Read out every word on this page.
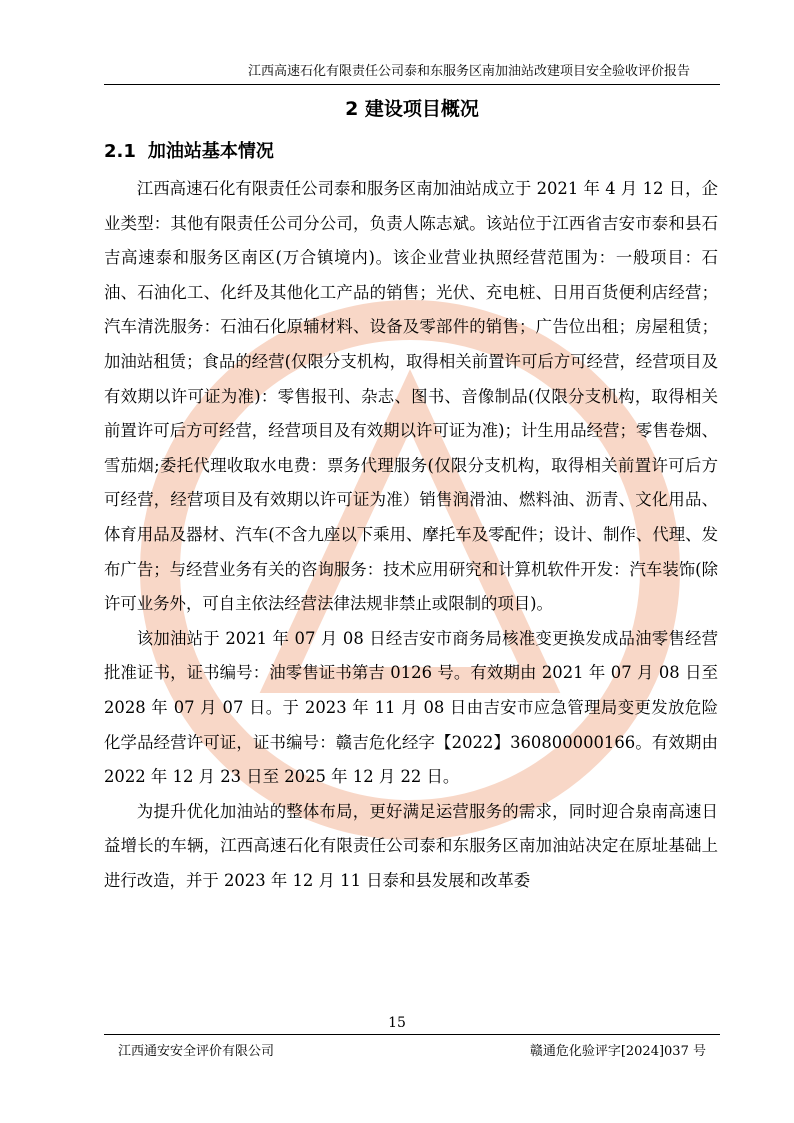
江西高速石化有限责任公司泰和东服务区南加油站改建项目安全验收评价报告
2 建设项目概况
2.1 加油站基本情况

江西高速石化有限责任公司泰和服务区南加油站成立于 2021 年 4 月 12 日，企业类型：其他有限责任公司分公司，负责人陈志斌。该站位于江西省吉安市泰和县石吉高速泰和服务区南区(万合镇境内)。该企业营业执照经营范围为：一般项目：石油、石油化工、化纤及其他化工产品的销售；光伏、充电桩、日用百货便利店经营；汽车清洗服务：石油石化原辅材料、设备及零部件的销售；广告位出租；房屋租赁；加油站租赁；食品的经营(仅限分支机构，取得相关前置许可后方可经营，经营项目及有效期以许可证为准)：零售报刊、杂志、图书、音像制品(仅限分支机构，取得相关前置许可后方可经营，经营项目及有效期以许可证为准)；计生用品经营；零售卷烟、雪茄烟;委托代理收取水电费：票务代理服务(仅限分支机构，取得相关前置许可后方可经营，经营项目及有效期以许可证为准）销售润滑油、燃料油、沥青、文化用品、体育用品及器材、汽车(不含九座以下乘用、摩托车及零配件；设计、制作、代理、发布广告；与经营业务有关的咨询服务：技术应用研究和计算机软件开发：汽车装饰(除许可业务外，可自主依法经营法律法规非禁止或限制的项目)。

该加油站于 2021 年 07 月 08 日经吉安市商务局核准变更换发成品油零售经营批准证书，证书编号：油零售证书第吉 0126 号。有效期由 2021 年 07 月 08 日至 2028 年 07 月 07 日。于 2023 年 11 月 08 日由吉安市应急管理局变更发放危险化学品经营许可证，证书编号：赣吉危化经字【2022】360800000166。有效期由 2022 年 12 月 23 日至 2025 年 12 月 22 日。

为提升优化加油站的整体布局，更好满足运营服务的需求，同时迎合泉南高速日益增长的车辆，江西高速石化有限责任公司泰和东服务区南加油站决定在原址基础上进行改造，并于 2023 年 12 月 11 日泰和县发展和改革委

15
江西通安安全评价有限公司	赣通危化验评字[2024]037 号
